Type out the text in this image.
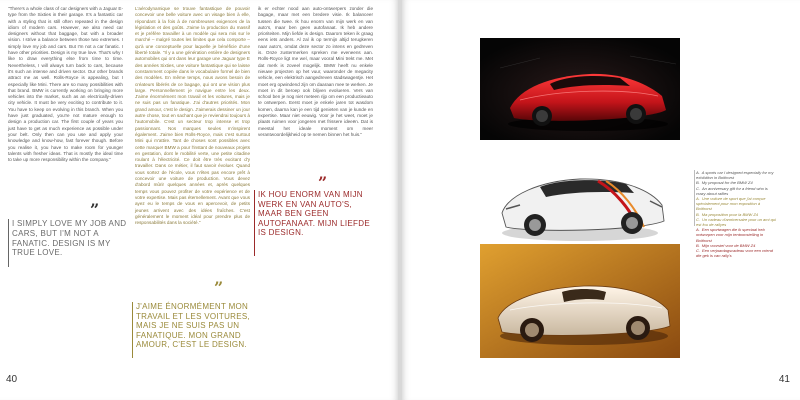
"There's a whole class of car designers with a Jaguar E-type from the Sixties in their garage. It's a fantastic car with a styling that is still often repeated in the design idiom of modern cars. However, we also need car designers without that baggage, but with a broader vision. I strive a balance between those two extremes. I simply love my job and cars. But I'm not a car fanatic. I have other priorities. Design is my true love. That's why I like to draw everything else from time to time. Nevertheless, I will always turn back to cars, because it's such an intense and driven sector. Our other brands attract me as well. Rolls-Royce is appealing, but I especially like Mini. There are so many possibilities with that brand. BMW is currently working on bringing more vehicles into the market, such as an electrically-driven city vehicle. It must be very exciting to contribute to it. You have to keep on evolving in this branch. When you have just graduated, you're not mature enough to design a production car. The first couple of years you just have to get as much experience as possible under your belt. Only then can you use and apply your knowledge and know-how, fast forever though. Before you realise it, you have to make room for younger talents with fresher ideas. That is mostly the ideal time to take up more responsibility within the company."
L'aérodynamique se trouve fantastique de pouvoir concevoir une belle voiture avec un visage bien à elle, répondant à la fois à de nombreuses exigences de la législation et des goûts. J'aime la production du massif et je préfère travailler à un modèle qui sera mis sur le marché – malgré toutes les limites que cela comporte – qu'à une conceptuelle pour laquelle je bénéficie d'une liberté totale. "Il y a une génération entière de designers automobiles qui ont dans leur garage une Jaguar type E des années Sixties, une voiture fantastique qui se laisse constamment copiée dans le vocabulaire formel de bien des modèles. En même temps, nous avons besoin de créateurs libérés de ce bagage, qui ont une vision plus large. Personnellement je navigue entre les deux. J'aime énormément mon travail et les voitures, mais je ne suis pas un fanatique. J'ai d'autres priorités. Mon grand amour, c'est le design. J'aimerais dessiner un jour autre chose, tout en sachant que je reviendrai toujours à l'automobile. C'est un secteur trop intense et trop passionnant. Nos marques seules m'inspirent également. J'aime bien Rolls-Royce, mais c'est surtout Mini qui m'attire. Tant de choses sont possibles avec cette marque! BMW a pour l'instant de nouveaux projets en gestation, dont le mobilité verte, une petite citadine roulant à l'électricité. Ce doit être très excitant d'y travailler. Dans ce métier, il faut savoir évoluer. Quand vous sortez de l'école, vous n'êtes pas encore prêt à concevoir une voiture de production. Vous devez d'abord mûrir quelques années et, après quelques temps vous pouvez profiter de votre expérience et de votre expertise. Mais pas éternellement. Avant que vous ayez eu le temps de vous en apercevoir, de petits jeunes arrivent avec des idées fraîches. C'est généralement le moment idéal pour prendre plus de responsabilités dans la société."
ik er echter nood aan auto-ontwerpers zonder die bagage, maar met een bredere visie. Ik balanceer tussen die twee. Ik hou enorm van mijn werk en van auto's, maar ben geen autofanaat. Ik heb andere prioriteiten. Mijn liefde is design. Daarom teken ik graag eens iets anders. Al zal ik op termijn altijd terugkeren naar auto's, omdat deze sector zo intens en gedreven is. Onze zustermerken spreken me eveneens aan. Rolls-Royce ligt me wel, maar vooral Mini trekt me. Met dat merk is zoveel mogelijk. BMW heeft nu enkele nieuwe projecten op het vuur, waaronder de megacity vehicle, een elektrisch aangedreven stadswagentje. Het moet erg opwindend zijn om daaraan mee te werken. Je moet in dit beroep ook blijven evolueren. Vers van school ben je nog niet meteen rijp om een productieauto te ontwerpen. Eerst moet je enkele jaren tot wasdom komen, daarna kan je een tijd genieten van je kunde en expertise. Maar niet eeuwig. Voor je het weet, moet je plaats ruimen voor jongeren met frissere ideeën. Dat is meestal het ideale moment om meer verantwoordelijkheid op te nemen binnen het huis."
”
I SIMPLY LOVE MY JOB AND CARS, BUT I'M NOT A FANATIC. DESIGN IS MY TRUE LOVE.
”
J'AIME ÉNORMÉMENT MON TRAVAIL ET LES VOITURES, MAIS JE NE SUIS PAS UN FANATIQUE. MON GRAND AMOUR, C'EST LE DESIGN.
”
IK HOU ENORM VAN MIJN WERK EN VAN AUTO'S, MAAR BEN GEEN AUTOFANAAT. MIJN LIEFDE IS DESIGN.
40
A. A sports car I designed especially for my exhibition in Boithorst
B. My proposal for the BMW Z4
C. An anniversary gift for a friend who is crazy about rallies
A. Une voiture de sport que j'ai conçue spécialement pour mon exposition à Boithorst
B. Ma proposition pour la BMW Z4
C. Un cadeau d'anniversaire pour un ami qui est fou de rallyes
A. Een sportwagen die ik speciaal heb ontworpen voor mijn tentoonstelling in Boithorst
B. Mijn voorstel voor de BMW Z4
C. Een verjaardagscadeau voor een vriend die gek is van rally's
41
